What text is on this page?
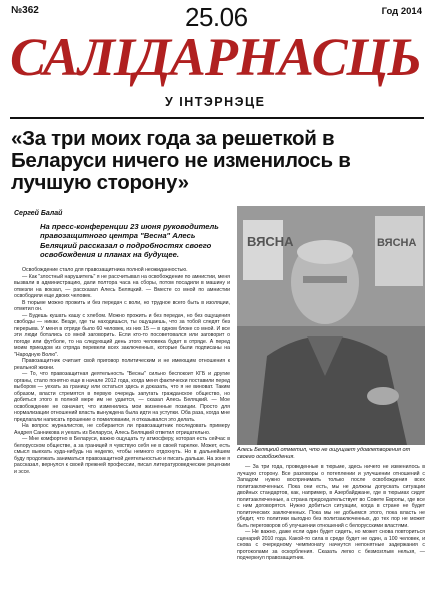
№362	25.06	Год 2014
САЛІДАРНАСЦЬ
У ІНТЭРНЭЦЕ
«За три моих года за решеткой в Беларуси ничего не изменилось в лучшую сторону»
Сергей Балай
На пресс-конференции 23 июня руководитель правозащитного центра "Весна" Алесь Беляцкий рассказал о подробностях своего освобождения и планах на будущее.
ВЯСНА	ВЯСНА
Алесь Беляцкий отметил, что не ощущает удовлетворения от своего освобождения.

Освобождение стало для правозащитника полной неожиданностью.

— Как "злостный нарушитель" я не рассчитывал на освобождение по амнистии, меня вызвали в администрацию, дали полтора часа на сборы, потом посадили в машину и отвезли на вокзал, — рассказал Алесь Беляцкий. — Вместе со мной по амнистии освободили еще двоих человек.

В тюрьме можно прожить и без передач с воли, но трудное всего быть в изоляции, отметил он.

— Будешь кушать кашу с хлебом. Можно прожить и без передач, но без ощущения свободы — никак. Везде, где ты находишься, ты ощущаешь, что за тобой следят без перерыва. У меня в отряде было 60 человек, из них 15 — в одном блоке со мной. И все эти люди ботались со мной заговорить. Если кто-то посоветовался или заговорит о погоде или футболе, то на следующий день этого человека будет в отряде. А перед моим приездом из отряда перевели всех заключенных, которые были подписаны на "Народную Волю".

Правозащитник считает свой приговор политическим и не имеющим отношения к реальной жизни.

— То, что правозащитная деятельность "Весны" сильно беспокоит КГБ и другие органы, стало понятно еще в начале 2012 года, когда меня фактически поставили перед выбором — уехать за границу или остаться здесь и доказать, что я не виноват. Таким образом, власти стремятся в первую очередь запугать гражданское общество, но добиться этого в полной мере им не удается, — сказал Алесь Беляцкий. — Мое освобождение не означает, что изменились мои жизненные позиции. Просто для нормализации отношений власть вынуждена была идти на уступки. Оба раза, когда мне предлагали написать прошение о помиловании, я отказывался это делать.

На вопрос журналистов, не собирается ли правозащитник последовать примеру Андрея Санникова и уехать из Беларуси, Алесь Беляцкий ответил отрицательно.

— Мне комфортно в Беларуси, важно ощущать ту атмосферу, которая есть сейчас в белорусском обществе, а за границей я чувствую себя не в своей тарелке. Может, есть смысл выехать куда-нибудь на неделю, чтобы немного отдохнуть. Но в дальнейшем буду продолжать заниматься правозащитной деятельностью и писать дальше. На зоне я рассказал, вернулся к своей прежней профессии, писал литературоведческие рецензии и эссе.

— За три года, проведенные в тюрьме, здесь ничего не изменилось в лучшую сторону. Все разговоры о потеплении и улучшении отношений с Западом нужно воспринимать только после освобождения всех политзаключенных. Пока они есть, мы не должны допускать ситуации двойных стандартов, как, например, в Азербайджане, где в тюрьмах сидят политзаключенные, а страна председательствует во Совете Европы, где все с ним договорятся. Нужно добиться ситуации, когда в стране не будет политических заключенных. Пока мы не добьемся этого, пока власть не убедит, что политики выгодно без политзаключенных, до тех пор не может быть переговоров об улучшении отношений с белорусскими властями.

— Не важно, даже если один будет сидеть, но может снова повториться сценарий 2010 года. Какой-то сила в среде будет не один, а 100 человек, и снова с очередному чемпионату начнутся непонятные задержания с протоколами за оскорбления. Сказать легко с безмозглым нельзя, — подчеркнул правозащитник.
